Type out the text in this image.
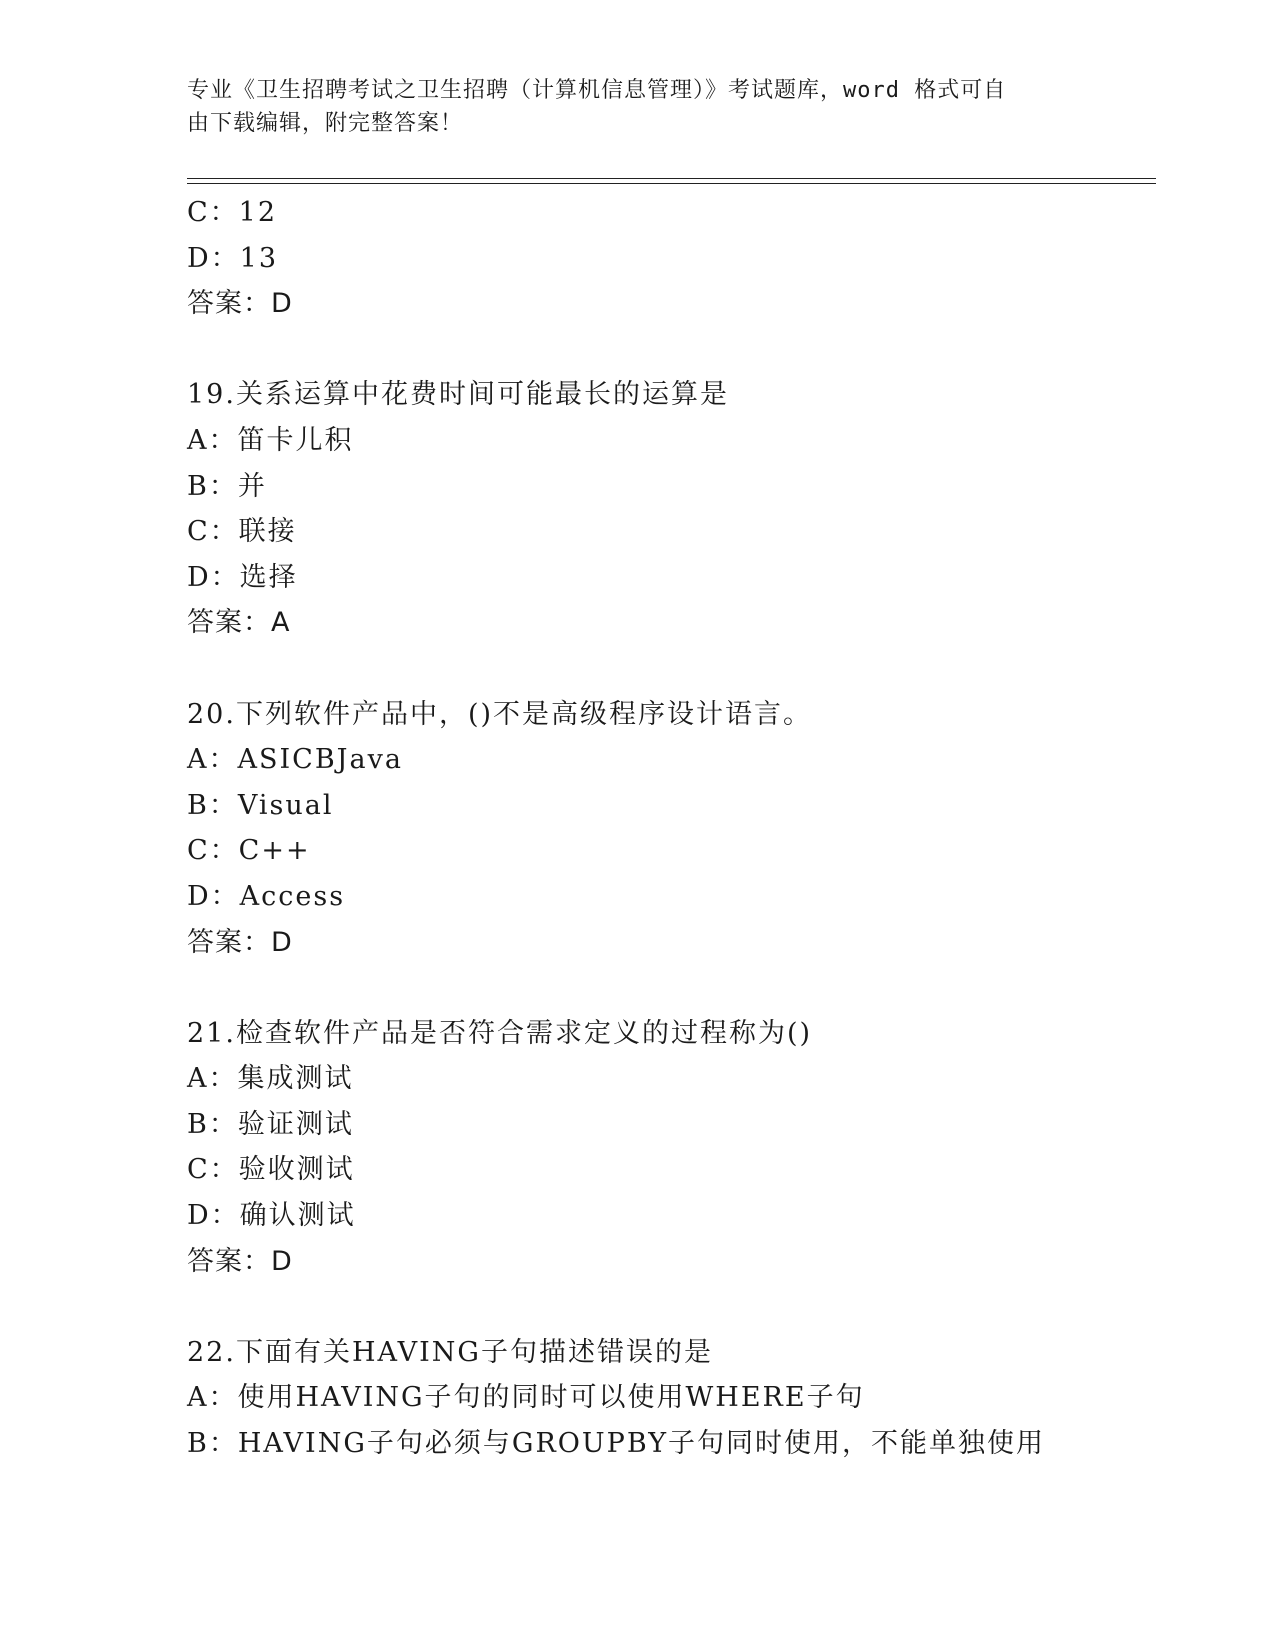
专业《卫生招聘考试之卫生招聘（计算机信息管理）》考试题库，word 格式可自
由下载编辑，附完整答案！
C：12
D：13
答案：D
19.关系运算中花费时间可能最长的运算是
A：笛卡儿积
B：并
C：联接
D：选择
答案：A
20.下列软件产品中，()不是高级程序设计语言。
A：ASICBJava
B：Visual
C：C++
D：Access
答案：D
21.检查软件产品是否符合需求定义的过程称为()
A：集成测试
B：验证测试
C：验收测试
D：确认测试
答案：D
22.下面有关HAVING子句描述错误的是
A：使用HAVING子句的同时可以使用WHERE子句
B：HAVING子句必须与GROUPBY子句同时使用，不能单独使用
